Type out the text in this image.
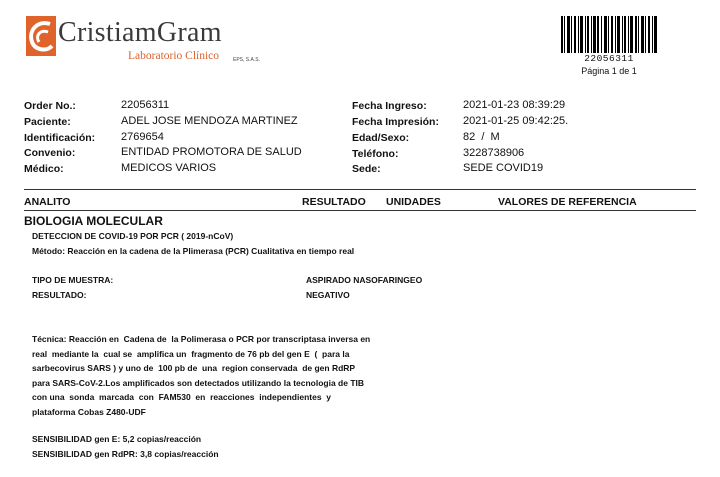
CristiamGram
Laboratorio Clínico	EPS, S.A.S.	22056311
Página 1 de 1
Order No.:	22056311
Paciente:	ADEL JOSE MENDOZA MARTINEZ
Identificación: 2769654
Convenio:	ENTIDAD PROMOTORA DE SALUD
Médico:	MEDICOS VARIOS
Fecha Ingreso:	2021-01-23 08:39:29
Fecha Impresión: 2021-01-25 09:42:25.
Edad/Sexo:	82  /  M
Teléfono:	3228738906
Sede:	SEDE COVID19
ANALITO	RESULTADO UNIDADES	VALORES DE REFERENCIA
BIOLOGIA MOLECULAR
DETECCION DE COVID-19 POR PCR ( 2019-nCoV)
Método: Reacción en la cadena de la Plimerasa (PCR) Cualitativa en tiempo real
TIPO DE MUESTRA:	ASPIRADO NASOFARINGEO
RESULTADO:	NEGATIVO
Técnica: Reacción en  Cadena de  la Polimerasa o PCR por transcriptasa inversa en
real  mediante la  cual se  amplifica un  fragmento de 76 pb del gen E  (  para la
sarbecovirus SARS ) y uno de  100 pb de  una  region conservada  de gen RdRP
para SARS-CoV-2.Los amplificados son detectados utilizando la tecnologia de TIB
con una  sonda  marcada  con  FAM530  en  reacciones  independientes  y
plataforma Cobas Z480-UDF
SENSIBILIDAD gen E: 5,2 copias/reacción
SENSIBILIDAD gen RdPR: 3,8 copias/reacción
